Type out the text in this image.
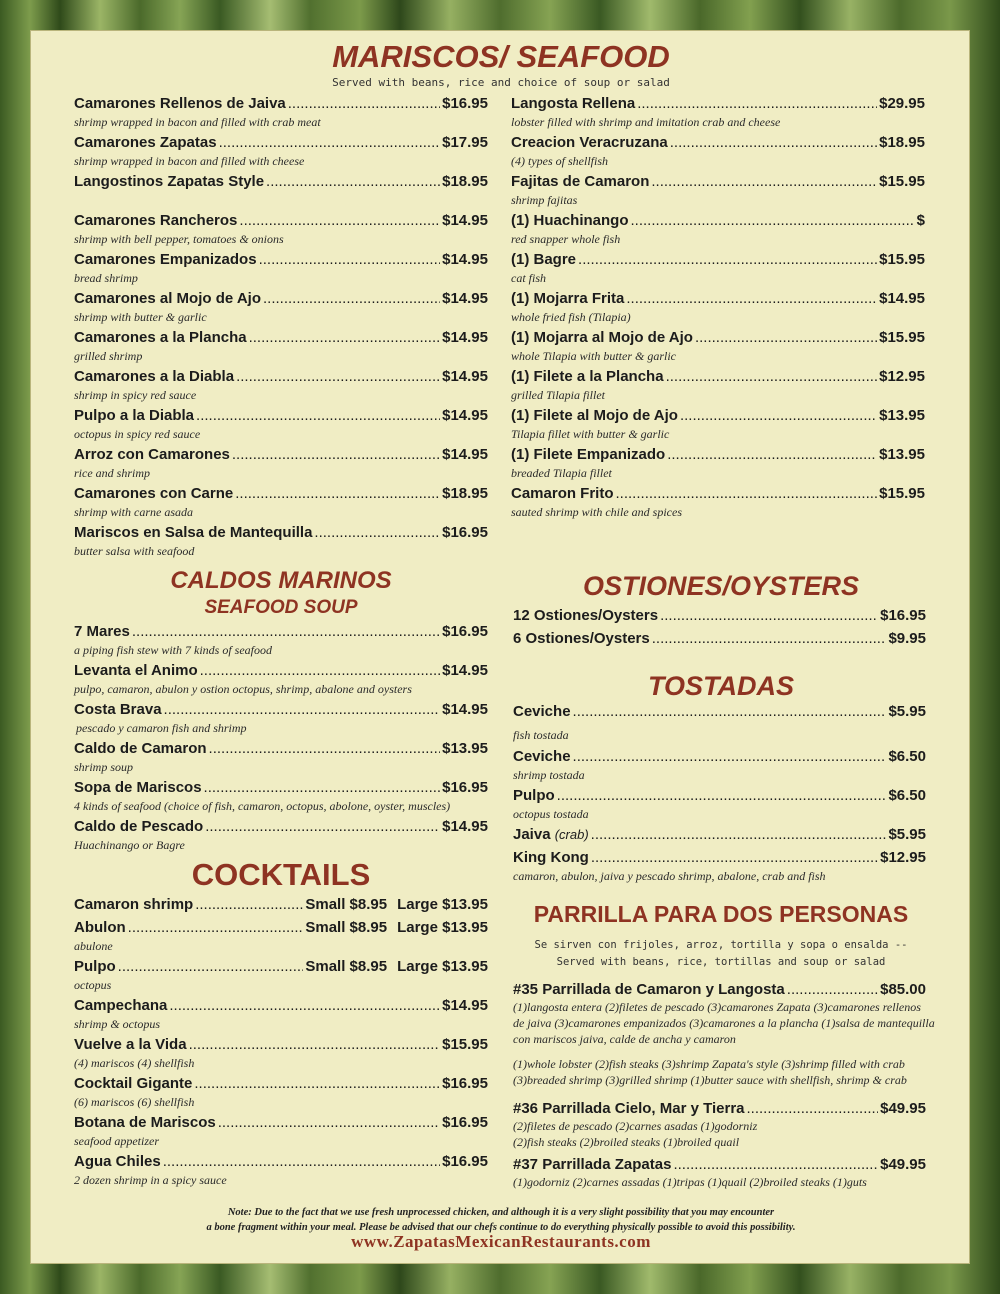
MARISCOS/ SEAFOOD
Served with beans, rice and choice of soup or salad
Camarones Rellenos de Jaiva .....	$16.95
shrimp wrapped in bacon and filled with crab meat
Camarones Zapatas .....	$17.95
shrimp wrapped in bacon and filled with cheese
Langostinos Zapatas Style .....	$18.95
Camarones Rancheros .....	$14.95
shrimp with bell pepper, tomatoes & onions
Camarones Empanizados .....	$14.95
bread shrimp
Camarones al Mojo de Ajo .....	$14.95
shrimp with butter & garlic
Camarones a la Plancha .....	$14.95
grilled shrimp
Camarones a la Diabla .....	$14.95
shrimp in spicy red sauce
Pulpo a la Diabla .....	$14.95
octopus in spicy red sauce
Arroz con Camarones .....	$14.95
rice and shrimp
Camarones con Carne .....	$18.95
shrimp with carne asada
Mariscos en Salsa de Mantequilla .....	$16.95
butter salsa with seafood
Langosta Rellena .....	$29.95
lobster filled with shrimp and imitation crab and cheese
Creacion Veracruzana .....	$18.95
(4) types of shellfish
Fajitas de Camaron .....	$15.95
shrimp fajitas
(1) Huachinango .....	$
red snapper whole fish
(1) Bagre .....	$15.95
cat fish
(1) Mojarra Frita .....	$14.95
whole fried fish (Tilapia)
(1) Mojarra al Mojo de Ajo .....	$15.95
whole Tilapia with butter & garlic
(1) Filete a la Plancha .....	$12.95
grilled Tilapia fillet
(1) Filete al Mojo de Ajo .....	$13.95
Tilapia fillet with butter & garlic
(1) Filete Empanizado .....	$13.95
breaded Tilapia fillet
Camaron Frito .....	$15.95
sauted shrimp with chile and spices
CALDOS MARINOS
SEAFOOD SOUP
7 Mares .....	$16.95
a piping fish stew with 7 kinds of seafood
Levanta el Animo .....	$14.95
pulpo, camaron, abulon y ostion octopus, shrimp, abalone and oysters
Costa Brava .....	$14.95
pescado y camaron fish and shrimp
Caldo de Camaron .....	$13.95
shrimp soup
Sopa de Mariscos .....	$16.95
4 kinds of seafood (choice of fish, camaron, octopus, abolone, oyster, muscles)
Caldo de Pescado .....	$14.95
Huachinango or Bagre
COCKTAILS
Camaron shrimp .....	Small $8.95 Large $13.95
Abulon .....	Small $8.95 Large $13.95
abulone
Pulpo .....	Small $8.95 Large $13.95
octopus
Campechana .....	$14.95
shrimp & octopus
Vuelve a la Vida .....	$15.95
(4) mariscos (4) shellfish
Cocktail Gigante .....	$16.95
(6) mariscos (6) shellfish
Botana de Mariscos .....	$16.95
seafood appetizer
Agua Chiles .....	$16.95
2 dozen shrimp in a spicy sauce
OSTIONES/OYSTERS
12 Ostiones/Oysters .....	$16.95
6 Ostiones/Oysters .....	$9.95
TOSTADAS
Ceviche .....	$5.95
fish tostada
Ceviche .....	$6.50
shrimp tostada
Pulpo .....	$6.50
octopus tostada
Jaiva
(crab) .....	$5.95
King Kong .....	$12.95
camaron, abulon, jaiva y pescado shrimp, abalone, crab and fish
PARRILLA PARA DOS PERSONAS
Se sirven con frijoles, arroz, tortilla y sopa o ensalda --
Served with beans, rice, tortillas and soup or salad
#35 Parrillada de Camaron y Langosta .....	$85.00
(1)langosta entera (2)filetes de pescado (3)camarones Zapata (3)camarones rellenos
de jaiva (3)camarones empanizados (3)camarones a la plancha (1)salsa de mantequilla
con mariscos jaiva, calde de ancha y camaron
(1)whole lobster (2)fish steaks (3)shrimp Zapata's style (3)shrimp filled with crab
(3)breaded shrimp (3)grilled shrimp (1)butter sauce with shellfish, shrimp & crab
#36 Parrillada Cielo, Mar y Tierra .....	$49.95
(2)filetes de pescado (2)carnes asadas (1)godorniz
(2)fish steaks (2)broiled steaks (1)broiled quail
#37 Parrillada Zapatas .....	$49.95
(1)godorniz (2)carnes assadas (1)tripas (1)quail (2)broiled steaks (1)guts
Note: Due to the fact that we use fresh unprocessed chicken, and although it is a very slight possibility that you may encounter
a bone fragment within your meal. Please be advised that our chefs continue to do everything physically possible to avoid this possibility.
www.ZapatasMexicanRestaurants.com
